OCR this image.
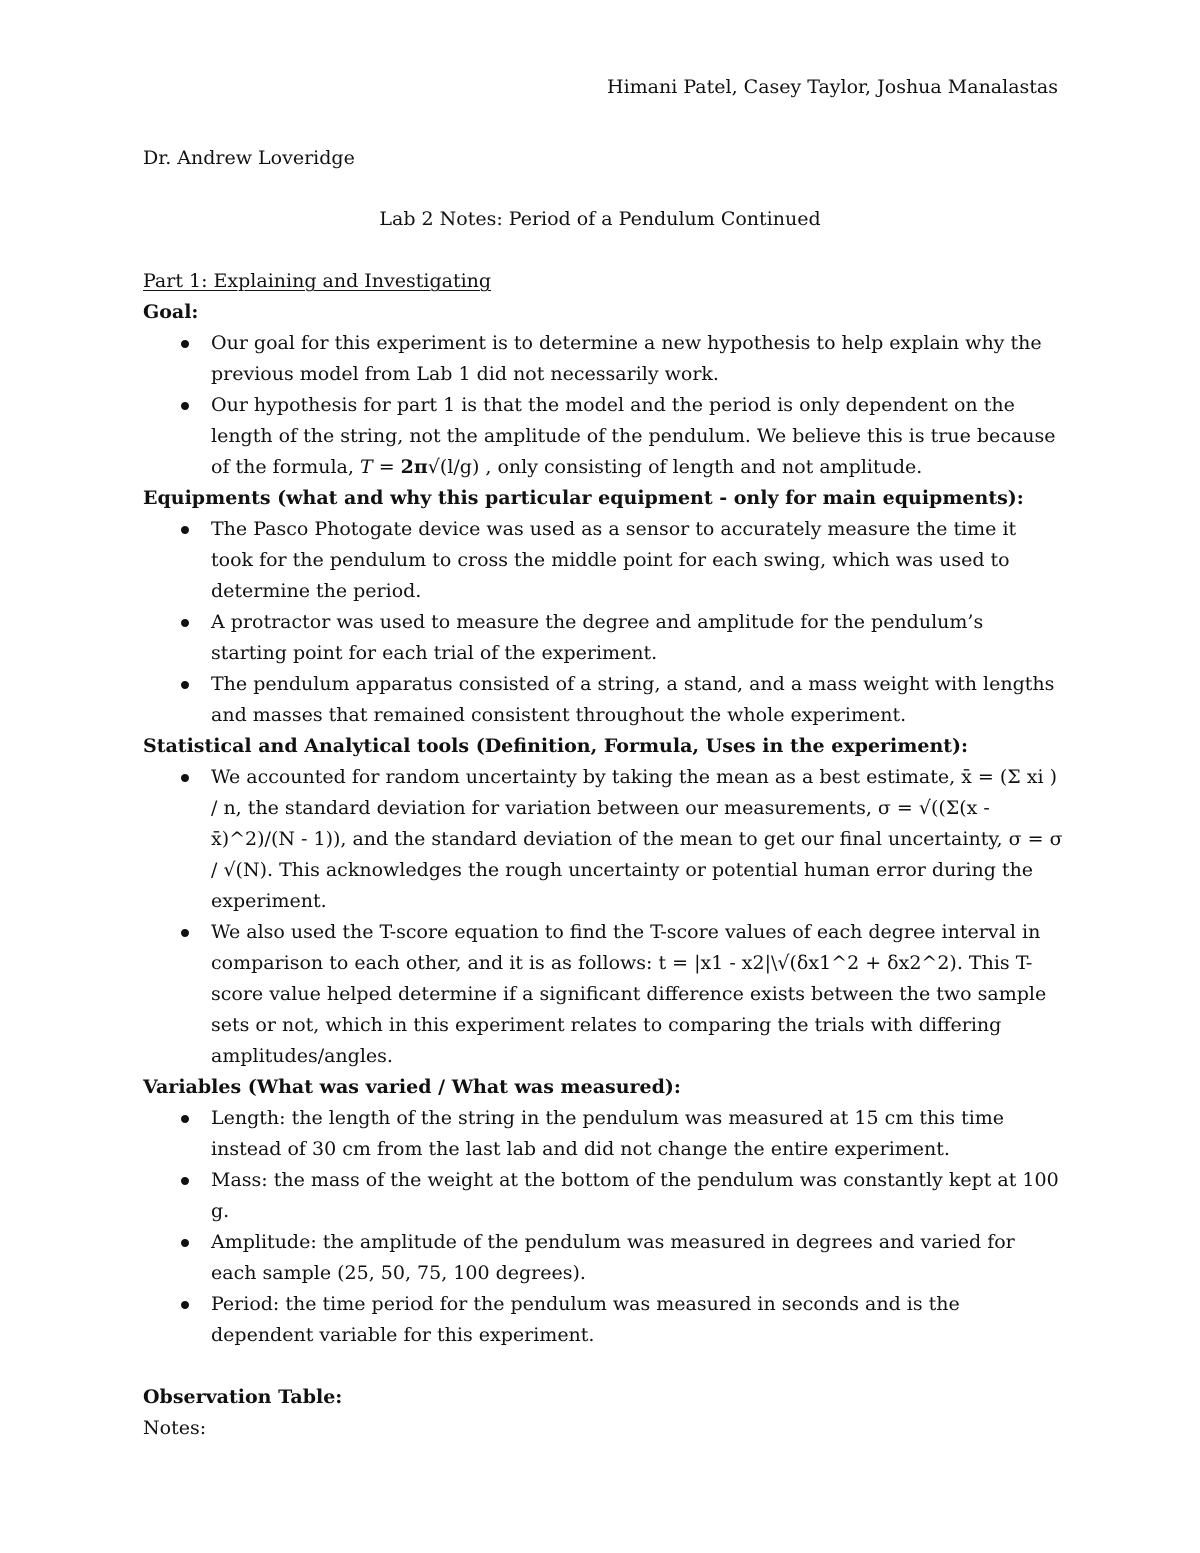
Himani Patel, Casey Taylor, Joshua Manalastas
Dr. Andrew Loveridge
Lab 2 Notes: Period of a Pendulum Continued
Part 1: Explaining and Investigating
Goal:
Our goal for this experiment is to determine a new hypothesis to help explain why the previous model from Lab 1 did not necessarily work.
Our hypothesis for part 1 is that the model and the period is only dependent on the length of the string, not the amplitude of the pendulum. We believe this is true because of the formula, T = 2π√(l/g) , only consisting of length and not amplitude.
Equipments (what and why this particular equipment - only for main equipments):
The Pasco Photogate device was used as a sensor to accurately measure the time it took for the pendulum to cross the middle point for each swing, which was used to determine the period.
A protractor was used to measure the degree and amplitude for the pendulum’s starting point for each trial of the experiment.
The pendulum apparatus consisted of a string, a stand, and a mass weight with lengths and masses that remained consistent throughout the whole experiment.
Statistical and Analytical tools (Definition, Formula, Uses in the experiment):
We accounted for random uncertainty by taking the mean as a best estimate, x̄ = (Σ xi ) / n, the standard deviation for variation between our measurements, σ = √((Σ(x - x̄)^2)/(N - 1)), and the standard deviation of the mean to get our final uncertainty, σ = σ / √(N). This acknowledges the rough uncertainty or potential human error during the experiment.
We also used the T-score equation to find the T-score values of each degree interval in comparison to each other, and it is as follows: t = |x1 - x2|\√(δx1^2 + δx2^2). This T-score value helped determine if a significant difference exists between the two sample sets or not, which in this experiment relates to comparing the trials with differing amplitudes/angles.
Variables (What was varied / What was measured):
Length: the length of the string in the pendulum was measured at 15 cm this time instead of 30 cm from the last lab and did not change the entire experiment.
Mass: the mass of the weight at the bottom of the pendulum was constantly kept at 100 g.
Amplitude: the amplitude of the pendulum was measured in degrees and varied for each sample (25, 50, 75, 100 degrees).
Period: the time period for the pendulum was measured in seconds and is the dependent variable for this experiment.
Observation Table:
Notes:
